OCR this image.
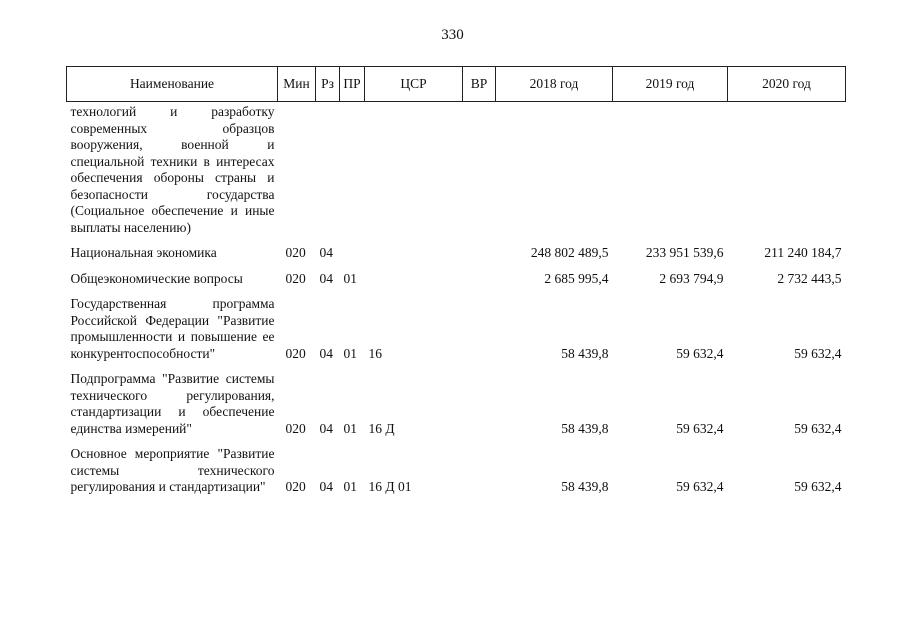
330
Наименование	Мин	Рз	ПР	ЦСР	ВР	2018 год	2019 год	2020 год
технологий и разработку современных образцов вооружения, военной и специальной техники в интересах обеспечения обороны страны и безопасности государства (Социальное обеспечение и иные выплаты населению)								
Национальная экономика	020	04				248 802 489,5	233 951 539,6	211 240 184,7
Общеэкономические вопросы	020	04	01			2 685 995,4	2 693 794,9	2 732 443,5
Государственная программа Российской Федерации "Развитие промышленности и повышение ее конкурентоспособности"	020	04	01	16		58 439,8	59 632,4	59 632,4
Подпрограмма "Развитие системы технического регулирования, стандартизации и обеспечение единства измерений"	020	04	01	16 Д		58 439,8	59 632,4	59 632,4
Основное мероприятие "Развитие системы технического регулирования и стандартизации"	020	04	01	16 Д 01		58 439,8	59 632,4	59 632,4
